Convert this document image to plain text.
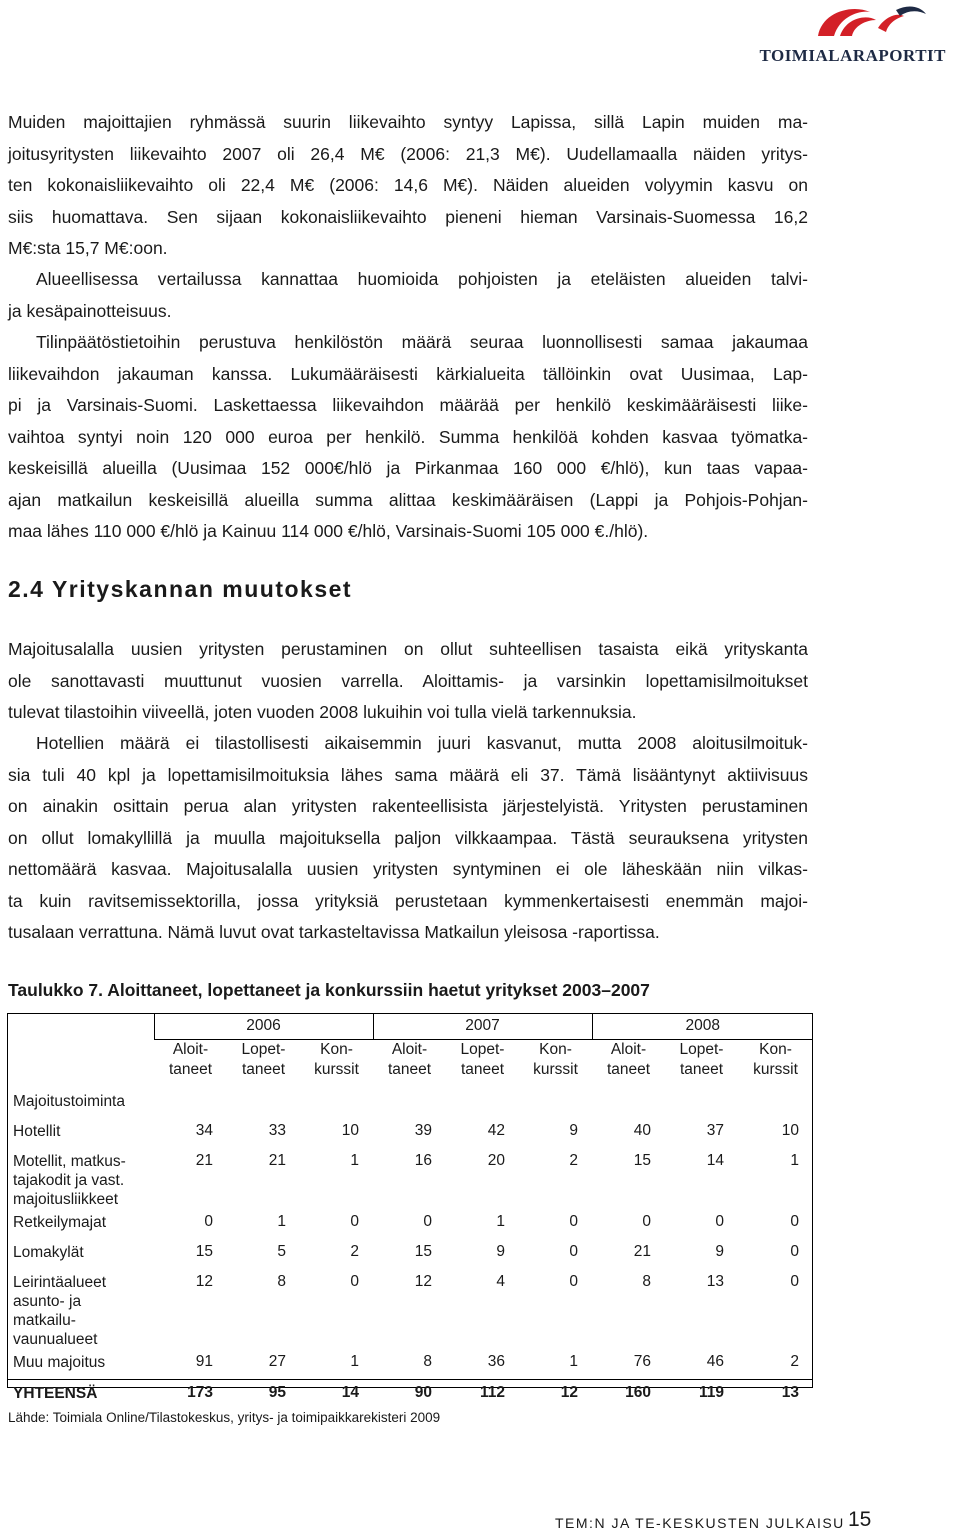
TOIMIALARAPORTIT
Muiden majoittajien ryhmässä suurin liikevaihto syntyy Lapissa, sillä Lapin muiden ma-
joitusyritysten liikevaihto 2007 oli 26,4 M€ (2006: 21,3 M€). Uudellamaalla näiden yritys-
ten kokonaisliikevaihto oli 22,4 M€ (2006: 14,6 M€). Näiden alueiden volyymin kasvu on
siis huomattava. Sen sijaan kokonaisliikevaihto pieneni hieman Varsinais-Suomessa 16,2
M€:sta 15,7 M€:oon.
Alueellisessa vertailussa kannattaa huomioida pohjoisten ja eteläisten alueiden talvi-
ja kesäpainotteisuus.
Tilinpäätöstietoihin perustuva henkilöstön määrä seuraa luonnollisesti samaa jakaumaa
liikevaihdon jakauman kanssa. Lukumääräisesti kärkialueita tällöinkin ovat Uusimaa, Lap-
pi ja Varsinais-Suomi. Laskettaessa liikevaihdon määrää per henkilö keskimääräisesti liike-
vaihtoa syntyi noin 120 000 euroa per henkilö. Summa henkilöä kohden kasvaa työmatka-
keskeisillä alueilla (Uusimaa 152 000€/hlö ja Pirkanmaa 160 000 €/hlö), kun taas vapaa-
ajan matkailun keskeisillä alueilla summa alittaa keskimääräisen (Lappi ja Pohjois-Pohjan-
maa lähes 110 000 €/hlö ja Kainuu 114 000 €/hlö, Varsinais-Suomi 105 000 €./hlö).
2.4 Yrityskannan muutokset
Majoitusalalla uusien yritysten perustaminen on ollut suhteellisen tasaista eikä yrityskanta
ole sanottavasti muuttunut vuosien varrella. Aloittamis- ja varsinkin lopettamisilmoitukset
tulevat tilastoihin viiveellä, joten vuoden 2008 lukuihin voi tulla vielä tarkennuksia.
Hotellien määrä ei tilastollisesti aikaisemmin juuri kasvanut, mutta 2008 aloitusilmoituk-
sia tuli 40 kpl ja lopettamisilmoituksia lähes sama määrä eli 37. Tämä lisääntynyt aktiivisuus
on ainakin osittain perua alan yritysten rakenteellisista järjestelyistä. Yritysten perustaminen
on ollut lomakyllillä ja muulla majoituksella paljon vilkkaampaa. Tästä seurauksena yritysten
nettomäärä kasvaa. Majoitusalalla uusien yritysten syntyminen ei ole läheskään niin vilkas-
ta kuin ravitsemissektorilla, jossa yrityksiä perustetaan kymmenkertaisesti enemmän majoi-
tusalaan verrattuna. Nämä luvut ovat tarkasteltavissa Matkailun yleisosa -raportissa.

Taulukko 7. Aloittaneet, lopettaneet ja konkurssiin haetut yritykset 2003–2007

	2006			2007			2008		
	Aloit-
taneet	Lopet-
taneet	Kon-
kurssit	Aloit-
taneet	Lopet-
taneet	Kon-
kurssit	Aloit-
taneet	Lopet-
taneet	Kon-
kurssit
Majoitustoiminta									
Hotellit	34	33	10	39	42	9	40	37	10
Motellit, matkus-
tajakodit ja vast.
majoitusliikkeet	21	21	1	16	20	2	15	14	1
Retkeilymajat	0	1	0	0	1	0	0	0	0
Lomakylät	15	5	2	15	9	0	21	9	0
Leirintäalueet
asunto- ja
matkailu-
vaunualueet	12	8	0	12	4	0	8	13	0
Muu majoitus	91	27	1	8	36	1	76	46	2
YHTEENSÄ	173	95	14	90	112	12	160	119	13

Lähde: Toimiala Online/Tilastokeskus, yritys- ja toimipaikkarekisteri 2009

TEM:N JA TE-KESKUSTEN JULKAISU 15
